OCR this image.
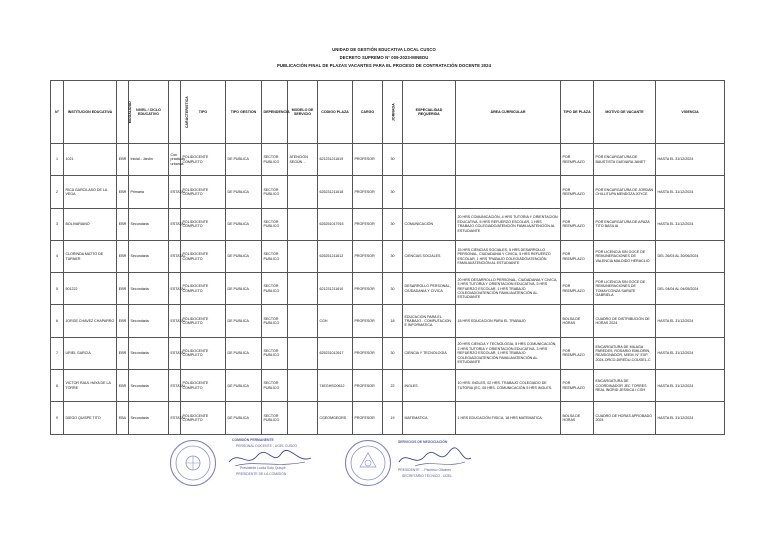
UNIDAD DE GESTIÓN EDUCATIVA LOCAL CUSCO
DECRETO SUPREMO N° 009-2023-MINEDU
PUBLICACIÓN FINAL DE PLAZAS VACANTES PARA EL PROCESO DE CONTRATACIÓN DOCENTE 2024
N°	INSTITUCION EDUCATIVA	MODALIDAD	NIVEL / CICLO EDUCATIVO	CARÁCTERISTICA	TIPO	TIPO GESTION	DEPENDENCIA	MODELO DE SERVICIO	CODIGO PLAZA	CARGO	JORNADA	ESPECIALIDAD REQUERIDA	ÁREA CURRICULAR	TIPO DE PLAZA	MOTIVO DE VACANTE	VIGENCIA
1	1021	EBR	Inicial - Jardín	Con prácticas urbanas	POLIDOCENTE COMPLETO	DE PUBLICA	SECTOR PUBLICO	ATENCIÓN SEGÚN ...	621231211619	PROFESOR	30			POR REEMPLAZO	POR ENCARGATURA DE BAUSTISTA GUEVARA JANET	HASTA EL 31/12/2024
2	RICA GARCILASO DE LA VEGA	EBR	Primaria	ESTATAL	POLIDOCENTE COMPLETO	DE PUBLICA	SECTOR PUBLICO		625231211618	PROFESOR	30			POR REEMPLAZO	POR ENCARGATURA DE JORDAN CHILLITUPA MENDOZA JOYCE	HASTA EL 31/12/2024
3	BOLIVARIANO	EBR	Secundaria	ESTATAL	POLIDOCENTE COMPLETO	DE PUBLICA	SECTOR PUBLICO		625251017915	PROFESOR	30	COMUNICACIÓN	20 HRS COMUNICACIÓN, 4 HRS TUTORIA Y ORIENTACION EDUCATIVA, 5 HRS REFUERZO ESCOLAR, 1 HRS TRABAJO COLEGIADO/ATENCIÓN FAMILIA/ATENCIÓN AL ESTUDIANTE	POR REEMPLAZO	POR ENCARGATURA DE APAZA TITO BASILIA	HASTA EL 31/12/2024
4	CLORINDA MATTO DE TURNER	EBR	Secundaria	ESTATAL	POLIDOCENTE COMPLETO	DE PUBLICA	SECTOR PUBLICO		625251211612	PROFESOR	30	CIENCIAS SOCIALES	15 HRS CIENCIAS SOCIALES, 5 HRS DESARROLLO PERSONAL, CIUDADANIA Y CIVICA, 5 HRS REFUERZO ESCOLAR, 1 HRS TRABAJO COLEGIADO/ATENCIÓN FAMILIA/ATENCIÓN AL ESTUDIANTE	POR REEMPLAZO	POR LICENCIA SIN GOCE DE REMUNERACIONES DE VALENCIA MALDIDO HERACLIO	DEL 26/03 AL 30/06/2024
5	501222	EBR	Secundaria	ESTATAL	POLIDOCENTE COMPLETO	DE PUBLICA	SECTOR PUBLICO		621231211610	PROFESOR	30	DESARROLLO PERSONAL, CIUDADANIA Y CIVICA	20 HRS DESARROLLO PERSONAL, CIUDADANIA Y CIVICA, 3 HRS TUTORIA Y ORIENTACION EDUCATIVA, 5 HRS REFUERZO ESCOLAR, 1 HRS TRABAJO COLEGIADO/ATENCIÓN FAMILIA/ATENCIÓN AL ESTUDIANTE	POR REEMPLAZO	POR LICENCIA SIN GOCE DE REMUNERACIONES DE TOMAYCONZA SARATE GABRIELA	DEL 04/04 AL 04/05/2024
6	JORGE CHAVEZ CHAPARRO	EBR	Secundaria	ESTATAL	POLIDOCENTE COMPLETO	DE PUBLICA	SECTOR PUBLICO		CGH	PROFESOR	18	EDUCACION PARA EL TRABAJO - COMPUTACION E INFORMATICA	18 HRS EDUCACION PARA EL TRABAJO	BOLSA DE HORAS	CUADRO DE DISTRIBUCIÓN DE HORAS 2024	HASTA EL 31/12/2024
7	URIEL GARCIA	EBR	Secundaria	ESTATAL	POLIDOCENTE COMPLETO	DE PUBLICA	SECTOR PUBLICO		625231012617	PROFESOR	30	CIENCIA Y TECNOLOGIA	20 HRS CIENCIA Y TECNOLOGIA, 5 HRS COMUNICACIÓN, 2 HRS TUTORIA Y ORIENTACIÓN EDUCATIVA, 3 HRS REFUERZO ESCOLAR, 1 HRS TRABAJO COLEGIADO/ATENCIÓN FAMILIA/ATENCIÓN AL ESTUDIANTE	POR REEMPLAZO	ENCARGATURA DE MILAGA PAREDES, ROSARIO EMILDRIN, REASIGNADOR, M/EM, N° EXP. 2024-ORCO-DIREDU-COUGEL-C	HASTA EL 31/12/2024
8	VICTOR RAUL HAYA DE LA TORRE	EBR	Secundaria	ESTATAL	POLIDOCENTE COMPLETO	DE PUBLICA	SECTOR PUBLICO		74EGHSO0612	PROFESOR	22	INGLES	10 HRS. INGLES, 02 HRS. TRABAJO COLEGIADO DE TUTORIA (EC, 05 HRS. COMUNICACIÓN 5 HRS INGLES.	POR REEMPLAZO	ENCARGATURA DE COORDINADOR JEC TORRES REAL INGRID JESSICA / CGH	HASTA EL 31/12/2024
9	DIEGO QUISPE TITO	EBA	Secundaria	ESTATAL	POLIDOCENTE COMPLETO	DE PUBLICA	SECTOR PUBLICO		CGEOMGEORS	PROFESOR	19	MATEMATICA	1 HRS EDUCACIÓN FISICA, 18 HRS MATEMATICA	BOLSA DE HORAS	CUADRO DE HORAS APROBADO 2024	HASTA EL 31/12/2024
COMISIÓN PERMANENTE
PERSONAL DOCENTE - UGEL CUSCO
Presidente Lucila Soto Quispe
PRESIDENTE DE LA COMISIÓN
SERVICIOS DE NEGOCIACIÓN
PRESIDENTE ... Pacheco Olivares
SECRETARIO TÉCNICO - UGEL
